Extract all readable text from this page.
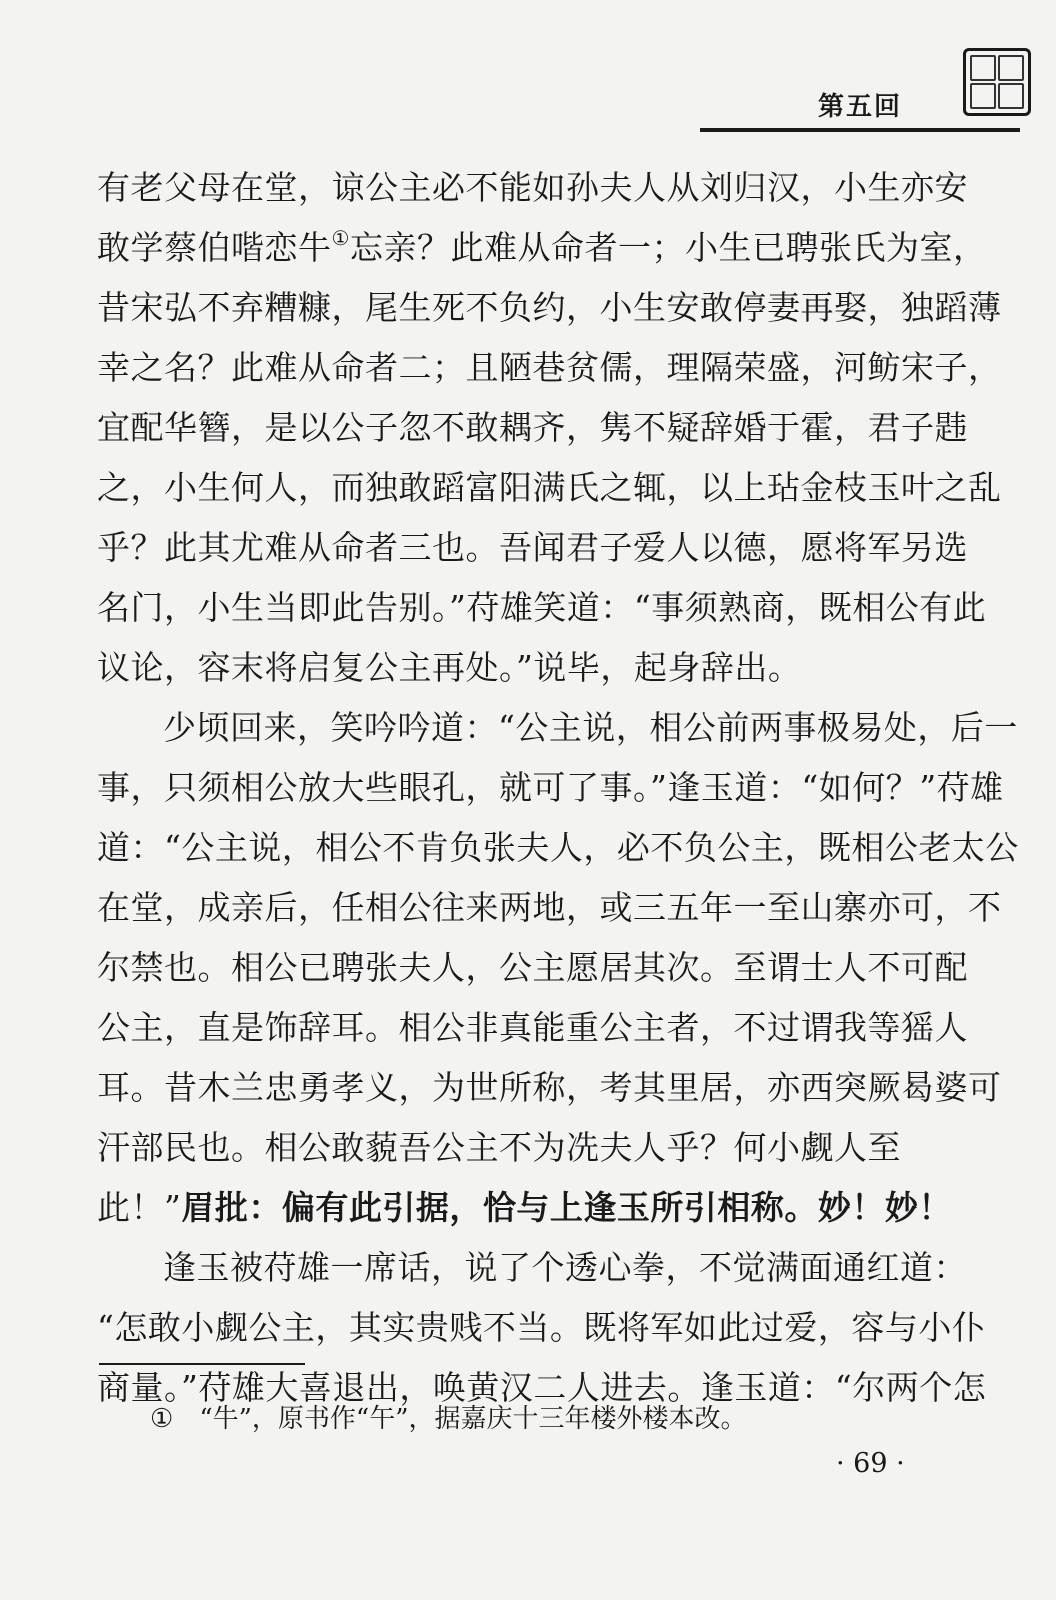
第五回
有老父母在堂，谅公主必不能如孙夫人从刘归汉，小生亦安
敢学蔡伯喈恋牛①忘亲？此难从命者一；小生已聘张氏为室，
昔宋弘不弃糟糠，尾生死不负约，小生安敢停妻再娶，独蹈薄
幸之名？此难从命者二；且陋巷贫儒，理隔荣盛，河鲂宋子，
宜配华簪，是以公子忽不敢耦齐，隽不疑辞婚于霍，君子韪
之，小生何人，而独敢蹈富阳满氏之辄，以上玷金枝玉叶之乱
乎？此其尤难从命者三也。吾闻君子爱人以德，愿将军另选
名门，小生当即此告别。”苻雄笑道：“事须熟商，既相公有此
议论，容末将启复公主再处。”说毕，起身辞出。
少顷回来，笑吟吟道：“公主说，相公前两事极易处，后一
事，只须相公放大些眼孔，就可了事。”逢玉道：“如何？”苻雄
道：“公主说，相公不肯负张夫人，必不负公主，既相公老太公
在堂，成亲后，任相公往来两地，或三五年一至山寨亦可，不
尔禁也。相公已聘张夫人，公主愿居其次。至谓士人不可配
公主，直是饰辞耳。相公非真能重公主者，不过谓我等猺人
耳。昔木兰忠勇孝义，为世所称，考其里居，亦西突厥曷婆可
汗部民也。相公敢藐吾公主不为冼夫人乎？何小觑人至
此！”眉批：偏有此引据，恰与上逢玉所引相称。妙！妙！
逢玉被苻雄一席话，说了个透心拳，不觉满面通红道：
“怎敢小觑公主，其实贵贱不当。既将军如此过爱，容与小仆
商量。”苻雄大喜退出，唤黄汉二人进去。逢玉道：“尔两个怎
① “牛”，原书作“午”，据嘉庆十三年楼外楼本改。
· 69 ·
